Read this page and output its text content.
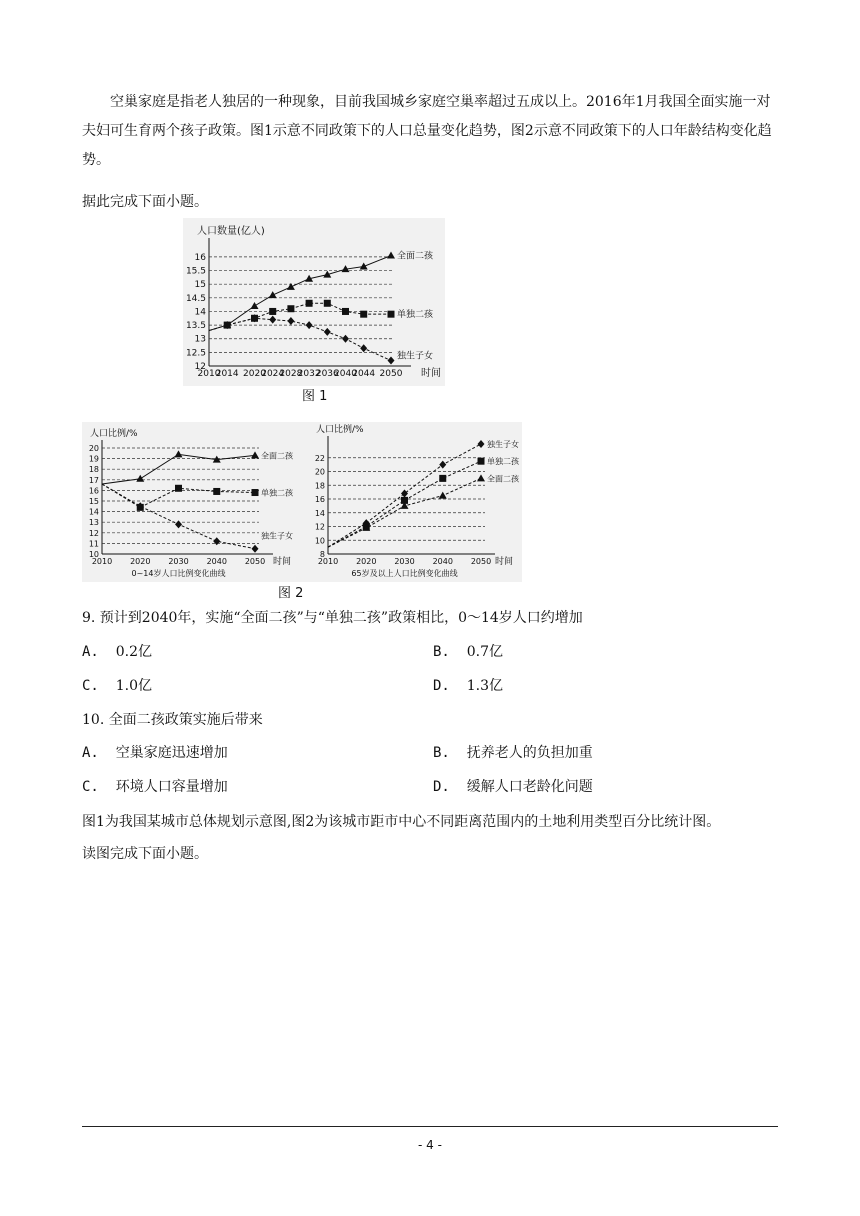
空巢家庭是指老人独居的一种现象，目前我国城乡家庭空巢率超过五成以上。2016年1月我国全面实施一对夫妇可生育两个孩子政策。图1示意不同政策下的人口总量变化趋势，图2示意不同政策下的人口年龄结构变化趋势。

据此完成下面小题。

12
12.5
13
13.5
14
14.5
15
15.5
16
2010
2014 2020
2024
2028
2032
2036
2040
2044 2050
人口数量(亿人)
时间
全面二孩
单独二孩
独生子女
图 1
10
11
12
13
14
15
16
17
18
19
20
2010 2020 2030 2040 2050
人口比例/%
时间
0~14岁人口比例变化曲线
全面二孩
单独二孩
独生子女
8
10
12
14
16
18
20
22
2010 2020 2030 2040 2050
人口比例/%
时间
65岁及以上人口比例变化曲线
独生子女
单独二孩
全面二孩
图 2

9. 预计到2040年，实施“全面二孩”与“单独二孩”政策相比，0～14岁人口约增加

A. 0.2亿	B. 0.7亿

C. 1.0亿	D. 1.3亿

10. 全面二孩政策实施后带来

A. 空巢家庭迅速增加	B. 抚养老人的负担加重

C. 环境人口容量增加	D. 缓解人口老龄化问题

图1为我国某城市总体规划示意图,图2为该城市距市中心不同距离范围内的土地利用类型百分比统计图。

读图完成下面小题。

- 4 -
